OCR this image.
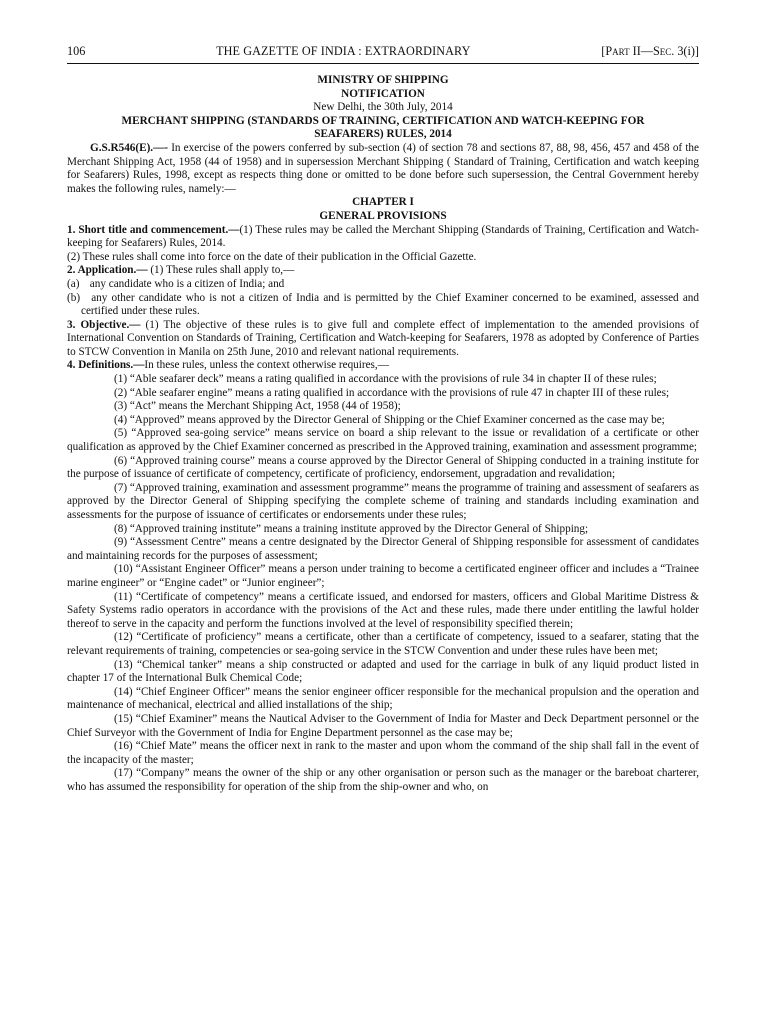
106	THE GAZETTE OF INDIA : EXTRAORDINARY	[Part II—Sec. 3(i)]

MINISTRY OF SHIPPING

NOTIFICATION

New Delhi, the 30th July, 2014

MERCHANT SHIPPING (STANDARDS OF TRAINING, CERTIFICATION AND WATCH-KEEPING FOR SEAFARERS) RULES, 2014

G.S.R546(E).—- In exercise of the powers conferred by sub-section (4) of section 78 and sections 87, 88, 98, 456, 457 and 458 of the Merchant Shipping Act, 1958 (44 of 1958) and in supersession Merchant Shipping ( Standard of Training, Certification and watch keeping for Seafarers) Rules, 1998, except as respects thing done or omitted to be done before such supersession, the Central Government hereby makes the following rules, namely:—

CHAPTER I

GENERAL PROVISIONS

1. Short title and commencement.—(1) These rules may be called the Merchant Shipping (Standards of Training, Certification and Watch-keeping for Seafarers) Rules, 2014.

(2) These rules shall come into force on the date of their publication in the Official Gazette.

2. Application.— (1) These rules shall apply to,—

(a) any candidate who is a citizen of India; and

(b) any other candidate who is not a citizen of India and is permitted by the Chief Examiner concerned to be examined, assessed and certified under these rules.

3. Objective.— (1) The objective of these rules is to give full and complete effect of implementation to the amended provisions of International Convention on Standards of Training, Certification and Watch-keeping for Seafarers, 1978 as adopted by Conference of Parties to STCW Convention in Manila on 25th June, 2010 and relevant national requirements.

4. Definitions.—In these rules, unless the context otherwise requires,—

(1) “Able seafarer deck” means a rating qualified in accordance with the provisions of rule 34 in chapter II of these rules;

(2) “Able seafarer engine” means a rating qualified in accordance with the provisions of rule 47 in chapter III of these rules;

(3) “Act” means the Merchant Shipping Act, 1958 (44 of 1958);

(4) “Approved” means approved by the Director General of Shipping or the Chief Examiner concerned as the case may be;

(5) “Approved sea-going service” means service on board a ship relevant to the issue or revalidation of a certificate or other qualification as approved by the Chief Examiner concerned as prescribed in the Approved training, examination and assessment programme;

(6) “Approved training course” means a course approved by the Director General of Shipping conducted in a training institute for the purpose of issuance of certificate of competency, certificate of proficiency, endorsement, upgradation and revalidation;

(7) “Approved training, examination and assessment programme” means the programme of training and assessment of seafarers as approved by the Director General of Shipping specifying the complete scheme of training and standards including examination and assessments for the purpose of issuance of certificates or endorsements under these rules;

(8) “Approved training institute” means a training institute approved by the Director General of Shipping;

(9) “Assessment Centre” means a centre designated by the Director General of Shipping responsible for assessment of candidates and maintaining records for the purposes of assessment;

(10) “Assistant Engineer Officer” means a person under training to become a certificated engineer officer and includes a “Trainee marine engineer” or “Engine cadet” or “Junior engineer”;

(11) “Certificate of competency” means a certificate issued, and endorsed for masters, officers and Global Maritime Distress & Safety Systems radio operators in accordance with the provisions of the Act and these rules, made there under entitling the lawful holder thereof to serve in the capacity and perform the functions involved at the level of responsibility specified therein;

(12) “Certificate of proficiency” means a certificate, other than a certificate of competency, issued to a seafarer, stating that the relevant requirements of training, competencies or sea-going service in the STCW Convention and under these rules have been met;

(13) “Chemical tanker” means a ship constructed or adapted and used for the carriage in bulk of any liquid product listed in chapter 17 of the International Bulk Chemical Code;

(14) “Chief Engineer Officer” means the senior engineer officer responsible for the mechanical propulsion and the operation and maintenance of mechanical, electrical and allied installations of the ship;

(15) “Chief Examiner” means the Nautical Adviser to the Government of India for Master and Deck Department personnel or the Chief Surveyor with the Government of India for Engine Department personnel as the case may be;

(16) “Chief Mate” means the officer next in rank to the master and upon whom the command of the ship shall fall in the event of the incapacity of the master;

(17) “Company” means the owner of the ship or any other organisation or person such as the manager or the bareboat charterer, who has assumed the responsibility for operation of the ship from the ship-owner and who, on
